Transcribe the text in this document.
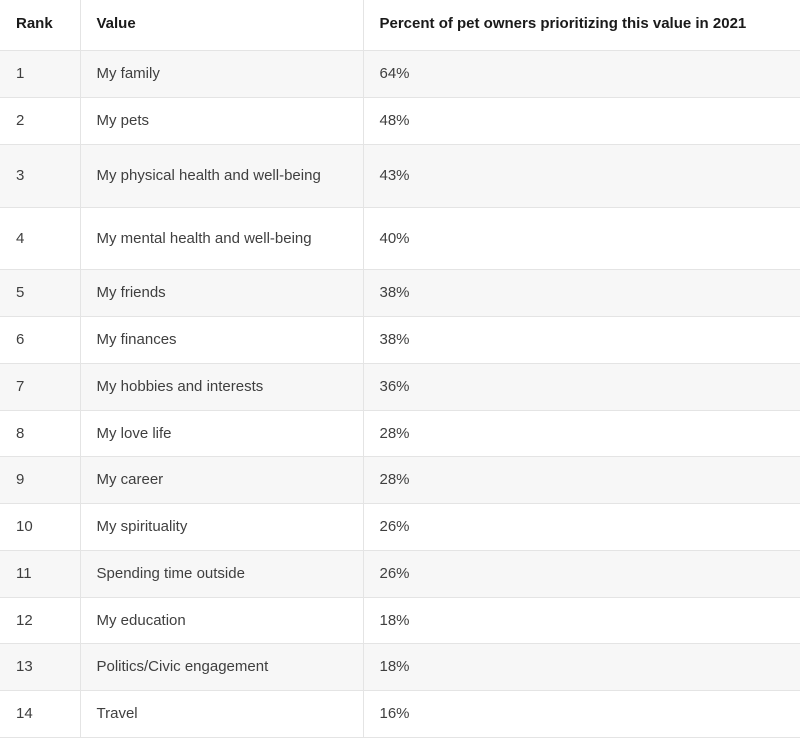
Rank	Value	Percent of pet owners prioritizing this value in 2021
1	My family	64%
2	My pets	48%
3	My physical health and well-being	43%
4	My mental health and well-being	40%
5	My friends	38%
6	My finances	38%
7	My hobbies and interests	36%
8	My love life	28%
9	My career	28%
10	My spirituality	26%
11	Spending time outside	26%
12	My education	18%
13	Politics/Civic engagement	18%
14	Travel	16%
